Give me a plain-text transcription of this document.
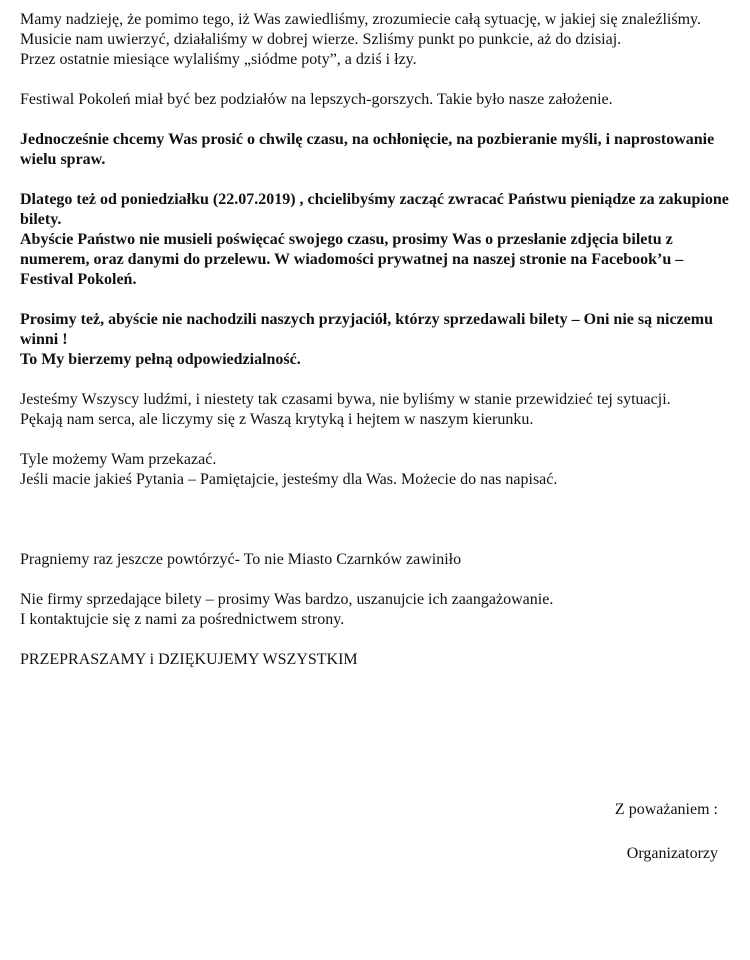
Mamy nadzieję, że pomimo tego, iż Was zawiedliśmy, zrozumiecie całą sytuację, w jakiej się znaleźliśmy.
Musicie nam uwierzyć, działaliśmy w dobrej wierze. Szliśmy punkt po punkcie, aż do dzisiaj.
Przez ostatnie miesiące wylaliśmy „siódme poty”, a dziś i łzy.

Festiwal Pokoleń miał być bez podziałów na lepszych-gorszych. Takie było nasze założenie.

Jednocześnie chcemy Was prosić o chwilę czasu, na ochłonięcie, na pozbieranie myśli, i naprostowanie wielu spraw.

Dlatego też od poniedziałku (22.07.2019) , chcielibyśmy zacząć zwracać Państwu pieniądze za zakupione bilety.
Abyście Państwo nie musieli poświęcać swojego czasu, prosimy Was o przesłanie zdjęcia biletu z numerem, oraz danymi do przelewu. W wiadomości prywatnej na naszej stronie na Facebook’u – Festival Pokoleń.

Prosimy też, abyście nie nachodzili naszych przyjaciół, którzy sprzedawali bilety – Oni nie są niczemu winni !
To My bierzemy pełną odpowiedzialność.

Jesteśmy Wszyscy ludźmi, i niestety tak czasami bywa, nie byliśmy w stanie przewidzieć tej sytuacji.
Pękają nam serca, ale liczymy się z Waszą krytyką i hejtem w naszym kierunku.

Tyle możemy Wam przekazać.
Jeśli macie jakieś Pytania – Pamiętajcie, jesteśmy dla Was. Możecie do nas napisać.

Pragniemy raz jeszcze powtórzyć- To nie Miasto Czarnków zawiniło

Nie firmy sprzedające bilety – prosimy Was bardzo, uszanujcie ich zaangażowanie.
I kontaktujcie się z nami za pośrednictwem strony.

PRZEPRASZAMY i DZIĘKUJEMY WSZYSTKIM

Z poważaniem :

Organizatorzy
